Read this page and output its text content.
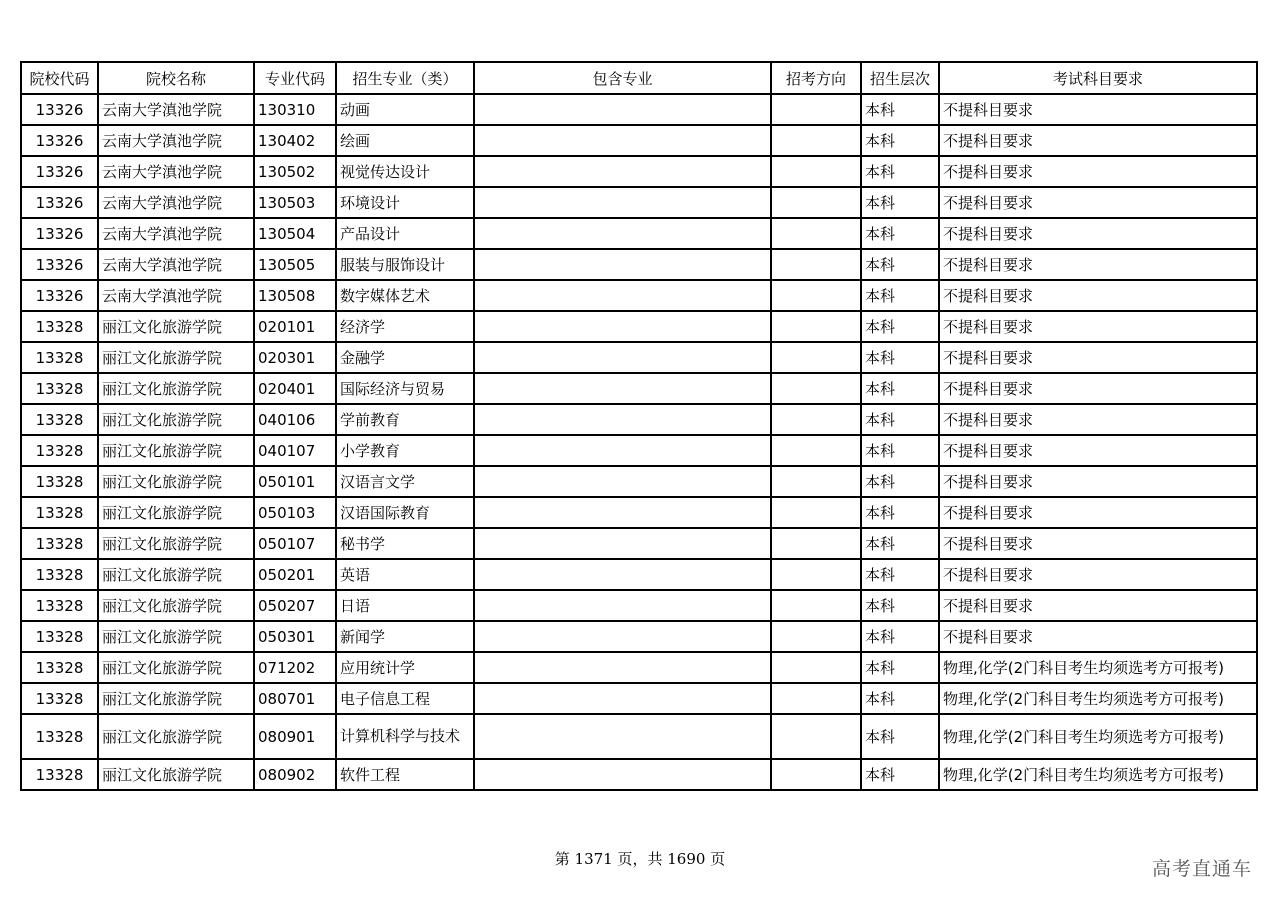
院校代码	院校名称	专业代码	招生专业（类）	包含专业	招考方向	招生层次	考试科目要求
13326	云南大学滇池学院	130310	动画			本科	不提科目要求
13326	云南大学滇池学院	130402	绘画			本科	不提科目要求
13326	云南大学滇池学院	130502	视觉传达设计			本科	不提科目要求
13326	云南大学滇池学院	130503	环境设计			本科	不提科目要求
13326	云南大学滇池学院	130504	产品设计			本科	不提科目要求
13326	云南大学滇池学院	130505	服装与服饰设计			本科	不提科目要求
13326	云南大学滇池学院	130508	数字媒体艺术			本科	不提科目要求
13328	丽江文化旅游学院	020101	经济学			本科	不提科目要求
13328	丽江文化旅游学院	020301	金融学			本科	不提科目要求
13328	丽江文化旅游学院	020401	国际经济与贸易			本科	不提科目要求
13328	丽江文化旅游学院	040106	学前教育			本科	不提科目要求
13328	丽江文化旅游学院	040107	小学教育			本科	不提科目要求
13328	丽江文化旅游学院	050101	汉语言文学			本科	不提科目要求
13328	丽江文化旅游学院	050103	汉语国际教育			本科	不提科目要求
13328	丽江文化旅游学院	050107	秘书学			本科	不提科目要求
13328	丽江文化旅游学院	050201	英语			本科	不提科目要求
13328	丽江文化旅游学院	050207	日语			本科	不提科目要求
13328	丽江文化旅游学院	050301	新闻学			本科	不提科目要求
13328	丽江文化旅游学院	071202	应用统计学			本科	物理,化学(2门科目考生均须选考方可报考)
13328	丽江文化旅游学院	080701	电子信息工程			本科	物理,化学(2门科目考生均须选考方可报考)
13328	丽江文化旅游学院	080901	计算机科学与技术			本科	物理,化学(2门科目考生均须选考方可报考)
13328	丽江文化旅游学院	080902	软件工程			本科	物理,化学(2门科目考生均须选考方可报考)
第 1371 页，共 1690 页	高考直通车
